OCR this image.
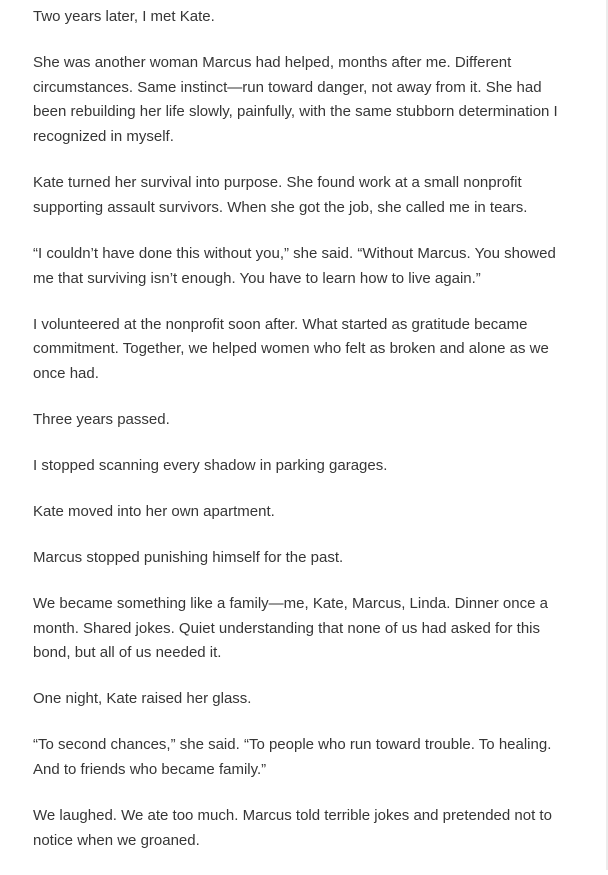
Two years later, I met Kate.

She was another woman Marcus had helped, months after me. Different circumstances. Same instinct—run toward danger, not away from it. She had been rebuilding her life slowly, painfully, with the same stubborn determination I recognized in myself.

Kate turned her survival into purpose. She found work at a small nonprofit supporting assault survivors. When she got the job, she called me in tears.

“I couldn’t have done this without you,” she said. “Without Marcus. You showed me that surviving isn’t enough. You have to learn how to live again.”

I volunteered at the nonprofit soon after. What started as gratitude became commitment. Together, we helped women who felt as broken and alone as we once had.

Three years passed.

I stopped scanning every shadow in parking garages.

Kate moved into her own apartment.

Marcus stopped punishing himself for the past.

We became something like a family—me, Kate, Marcus, Linda. Dinner once a month. Shared jokes. Quiet understanding that none of us had asked for this bond, but all of us needed it.

One night, Kate raised her glass.

“To second chances,” she said. “To people who run toward trouble. To healing. And to friends who became family.”

We laughed. We ate too much. Marcus told terrible jokes and pretended not to notice when we groaned.
